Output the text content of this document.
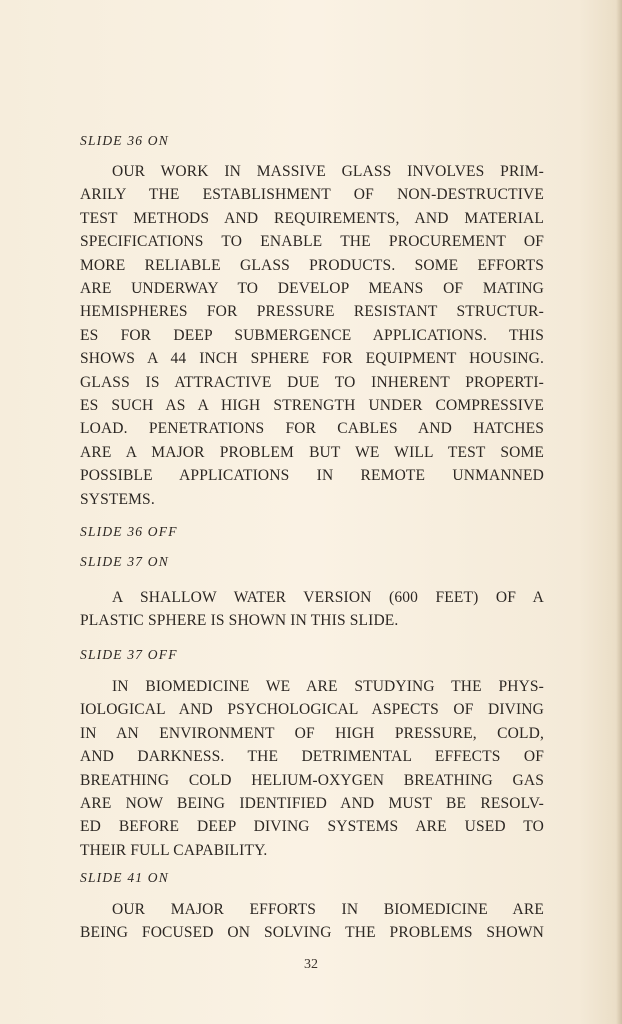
SLIDE 36 ON

OUR WORK IN MASSIVE GLASS INVOLVES PRIM-
ARILY THE ESTABLISHMENT OF NON-DESTRUCTIVE
TEST METHODS AND REQUIREMENTS, AND MATERIAL
SPECIFICATIONS TO ENABLE THE PROCUREMENT OF
MORE RELIABLE GLASS PRODUCTS. SOME EFFORTS
ARE UNDERWAY TO DEVELOP MEANS OF MATING
HEMISPHERES FOR PRESSURE RESISTANT STRUCTUR-
ES FOR DEEP SUBMERGENCE APPLICATIONS. THIS
SHOWS A 44 INCH SPHERE FOR EQUIPMENT HOUSING.
GLASS IS ATTRACTIVE DUE TO INHERENT PROPERTI-
ES SUCH AS A HIGH STRENGTH UNDER COMPRESSIVE
LOAD. PENETRATIONS FOR CABLES AND HATCHES
ARE A MAJOR PROBLEM BUT WE WILL TEST SOME
POSSIBLE APPLICATIONS IN REMOTE UNMANNED
SYSTEMS.

SLIDE 36 OFF

SLIDE 37 ON

A SHALLOW WATER VERSION (600 FEET) OF A
PLASTIC SPHERE IS SHOWN IN THIS SLIDE.

SLIDE 37 OFF

IN BIOMEDICINE WE ARE STUDYING THE PHYS-
IOLOGICAL AND PSYCHOLOGICAL ASPECTS OF DIVING
IN AN ENVIRONMENT OF HIGH PRESSURE, COLD,
AND DARKNESS. THE DETRIMENTAL EFFECTS OF
BREATHING COLD HELIUM-OXYGEN BREATHING GAS
ARE NOW BEING IDENTIFIED AND MUST BE RESOLV-
ED BEFORE DEEP DIVING SYSTEMS ARE USED TO
THEIR FULL CAPABILITY.

SLIDE 41 ON

OUR MAJOR EFFORTS IN BIOMEDICINE ARE
BEING FOCUSED ON SOLVING THE PROBLEMS SHOWN
32
